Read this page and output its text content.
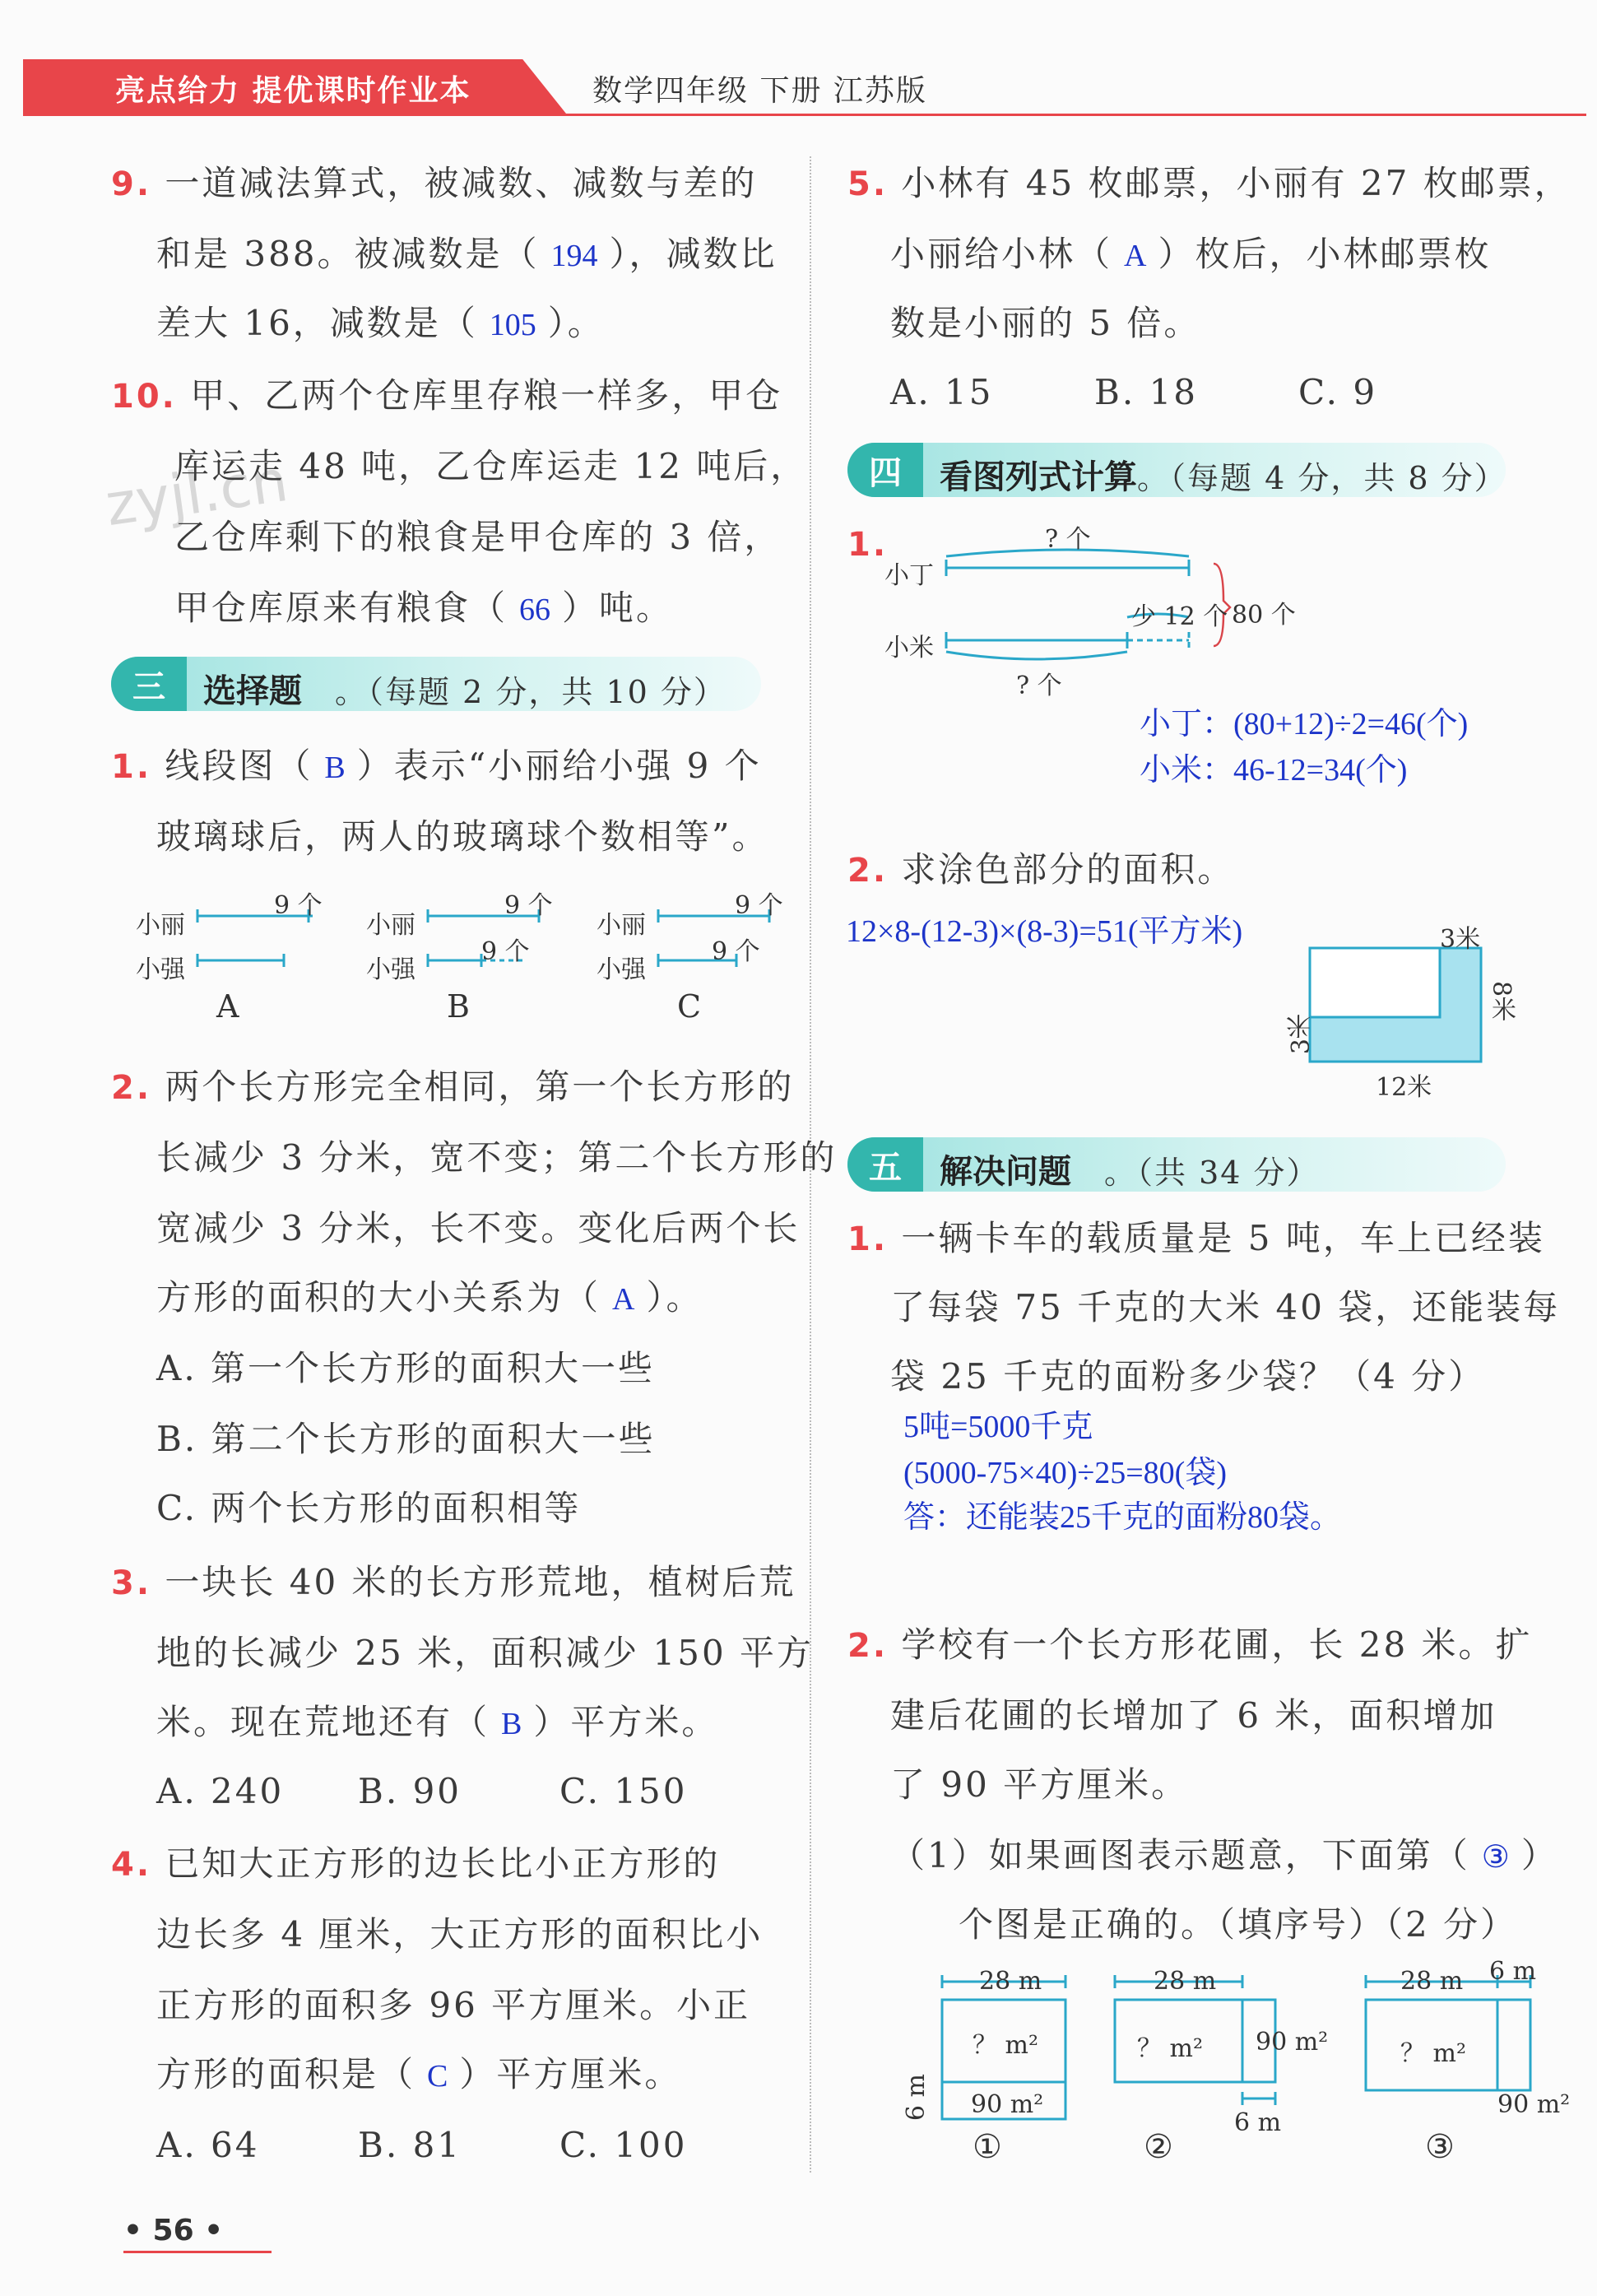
亮点给力 提优课时作业本	数学四年级 下册 江苏版
zyjl.cn
9. 一道减法算式，被减数、减数与差的
和是 388。被减数是（ 194 ），减数比
差大 16，减数是（ 105 ）。
10. 甲、乙两个仓库里存粮一样多，甲仓
库运走 48 吨，乙仓库运走 12 吨后，
乙仓库剩下的粮食是甲仓库的 3 倍，
甲仓库原来有粮食（ 66 ）吨。
三	选择题 。（每题 2 分，共 10 分）
1. 线段图（ B ）表示“小丽给小强 9 个
玻璃球后，两人的玻璃球个数相等”。
小丽
小强
9 个
小丽
小强
9 个
9 个
小丽
小强
9 个
9 个
A	B	C
2. 两个长方形完全相同，第一个长方形的
长减少 3 分米，宽不变；第二个长方形的
宽减少 3 分米，长不变。变化后两个长
方形的面积的大小关系为（ A ）。
A. 第一个长方形的面积大一些
B. 第二个长方形的面积大一些
C. 两个长方形的面积相等
3. 一块长 40 米的长方形荒地，植树后荒
地的长减少 25 米，面积减少 150 平方
米。现在荒地还有（ B ）平方米。
A. 240 B. 90	C. 150
4. 已知大正方形的边长比小正方形的
边长多 4 厘米，大正方形的面积比小
正方形的面积多 96 平方厘米。小正
方形的面积是（ C ）平方厘米。
A. 64	B. 81	C. 100
• 56 •
5. 小林有 45 枚邮票，小丽有 27 枚邮票，
小丽给小林（ A ）枚后，小林邮票枚
数是小丽的 5 倍。
A. 15	B. 18	C. 9
四	看图列式计算 。（每题 4 分，共 8 分）
1.
小丁
小米
? 个
少 12 个 80 个
? 个
小丁：(80+12)÷2=46(个)
小米：46-12=34(个)
2. 求涂色部分的面积。
12×8-(12-3)×(8-3)=51(平方米)	3米
8米
3米
12米
五	解决问题 。（共 34 分）
1. 一辆卡车的载质量是 5 吨，车上已经装
了每袋 75 千克的大米 40 袋，还能装每
袋 25 千克的面粉多少袋？（4 分）
5吨=5000千克
(5000-75×40)÷25=80(袋)
答：还能装25千克的面粉80袋。
2. 学校有一个长方形花圃，长 28 米。扩
建后花圃的长增加了 6 米，面积增加
了 90 平方厘米。
（1）如果画图表示题意，下面第（ ③ ）
个图是正确的。（填序号）（2 分）
28 m
？ m²
90 m²
6 m
28 m
？ m² 90 m²
6 m
28 m 6 m
？ m²
90 m²
①	②	③
